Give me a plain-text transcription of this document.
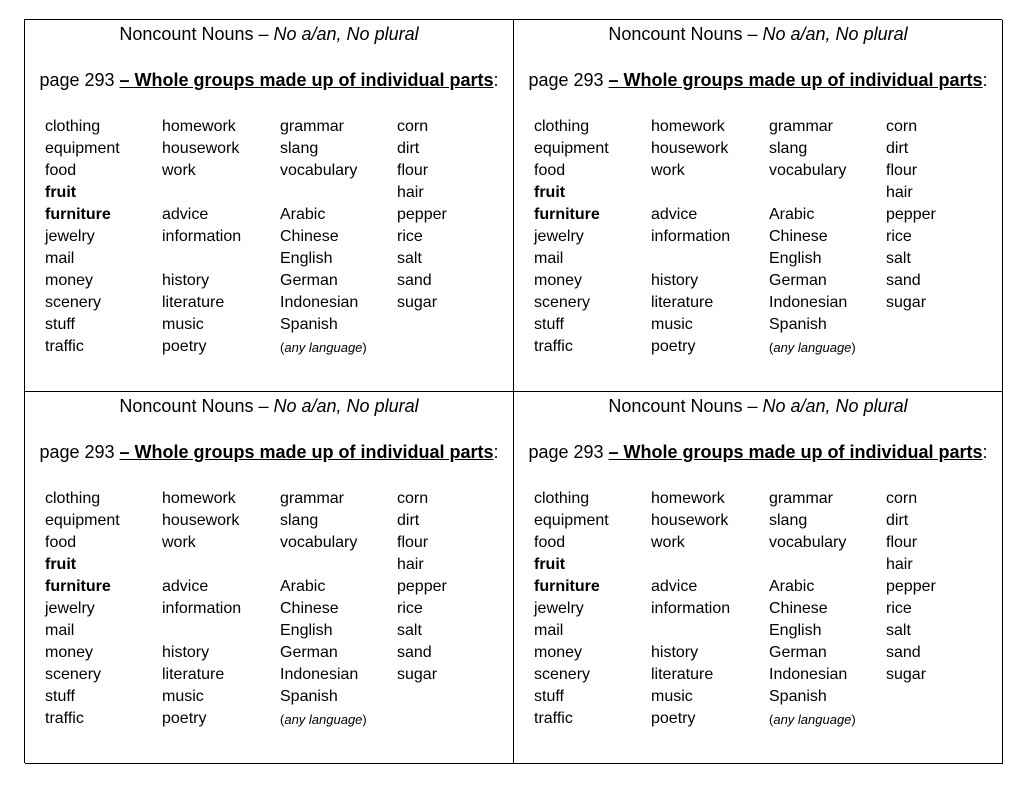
Noncount Nouns – No a/an, No plural
page 293 – Whole groups made up of individual parts:
clothing
equipment
food
fruit
furniture
jewelry
mail
money
scenery
stuff
traffic
homework
housework
work
advice
information
history
literature
music
poetry
grammar
slang
vocabulary
Arabic
Chinese
English
German
Indonesian
Spanish
(any language)
corn
dirt
flour
hair
pepper
rice
salt
sand
sugar
Noncount Nouns – No a/an, No plural
page 293 – Whole groups made up of individual parts:
clothing
equipment
food
fruit
furniture
jewelry
mail
money
scenery
stuff
traffic
homework
housework
work
advice
information
history
literature
music
poetry
grammar
slang
vocabulary
Arabic
Chinese
English
German
Indonesian
Spanish
(any language)
corn
dirt
flour
hair
pepper
rice
salt
sand
sugar
Noncount Nouns – No a/an, No plural
page 293 – Whole groups made up of individual parts:
clothing
equipment
food
fruit
furniture
jewelry
mail
money
scenery
stuff
traffic
homework
housework
work
advice
information
history
literature
music
poetry
grammar
slang
vocabulary
Arabic
Chinese
English
German
Indonesian
Spanish
(any language)
corn
dirt
flour
hair
pepper
rice
salt
sand
sugar
Noncount Nouns – No a/an, No plural
page 293 – Whole groups made up of individual parts:
clothing
equipment
food
fruit
furniture
jewelry
mail
money
scenery
stuff
traffic
homework
housework
work
advice
information
history
literature
music
poetry
grammar
slang
vocabulary
Arabic
Chinese
English
German
Indonesian
Spanish
(any language)
corn
dirt
flour
hair
pepper
rice
salt
sand
sugar
